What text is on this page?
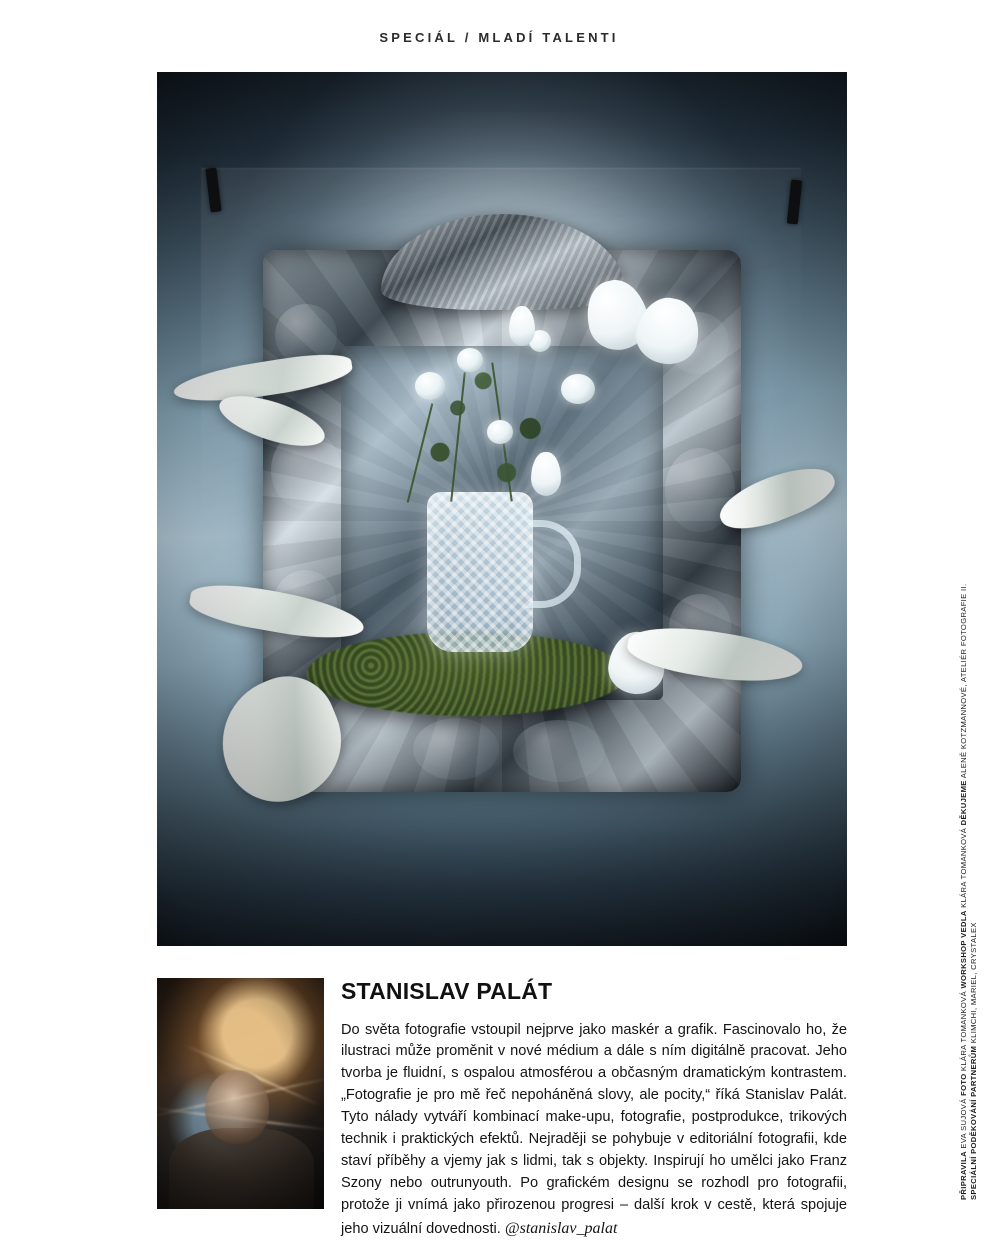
SPECIÁL / MLADÍ TALENTI
STANISLAV PALÁT

Do světa fotografie vstoupil nejprve jako maskér a grafik. Fascinovalo ho, že ilustraci může proměnit v nové médium a dále s ním digitálně pracovat. Jeho tvorba je fluidní, s ospalou atmosférou a občasným dramatickým kontrastem. „Fotografie je pro mě řeč nepoháněná slovy, ale pocity,“ říká Stanislav Palát. Tyto nálady vytváří kombinací make-upu, fotografie, postprodukce, trikových technik i praktických efektů. Nejraději se pohybuje v editoriální fotografii, kde staví příběhy a vjemy jak s lidmi, tak s objekty. Inspirují ho umělci jako Franz Szony nebo outrunyouth. Po grafickém designu se rozhodl pro fotografii, protože ji vnímá jako přirozenou progresi – další krok v cestě, která spojuje jeho vizuální dovednosti. @stanislav_palat

PŘIPRAVILA EVA SUJOVÁ FOTO KLÁRA TOMANKOVÁ WORKSHOP VEDLA KLÁRA TOMANKOVÁ DĚKUJEME ALENĚ KOTZMANNOVÉ, ATELIÉR FOTOGRAFIE II.
SPECIÁLNÍ PODĚKOVÁNÍ PARTNERŮM KLIMCHI, MARIEL, CRYSTALEX
